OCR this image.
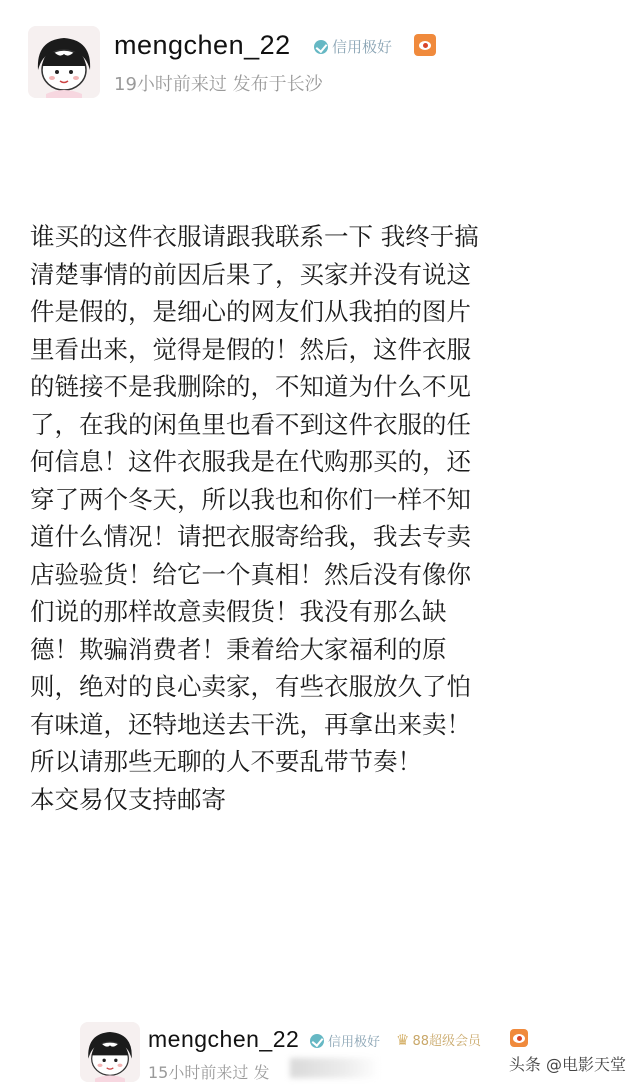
mengchen_22	信用极好
19小时前来过 发布于长沙
谁买的这件衣服请跟我联系一下 我终于搞
清楚事情的前因后果了，买家并没有说这
件是假的，是细心的网友们从我拍的图片
里看出来，觉得是假的！然后，这件衣服
的链接不是我删除的，不知道为什么不见
了，在我的闲鱼里也看不到这件衣服的任
何信息！这件衣服我是在代购那买的，还
穿了两个冬天，所以我也和你们一样不知
道什么情况！请把衣服寄给我，我去专卖
店验验货！给它一个真相！然后没有像你
们说的那样故意卖假货！我没有那么缺
德！欺骗消费者！秉着给大家福利的原
则，绝对的良心卖家，有些衣服放久了怕
有味道，还特地送去干洗，再拿出来卖！
所以请那些无聊的人不要乱带节奏！
本交易仅支持邮寄
mengchen_22 信用极好 ♛ 88超级会员
15小时前来过 发	头条 @电影天堂
